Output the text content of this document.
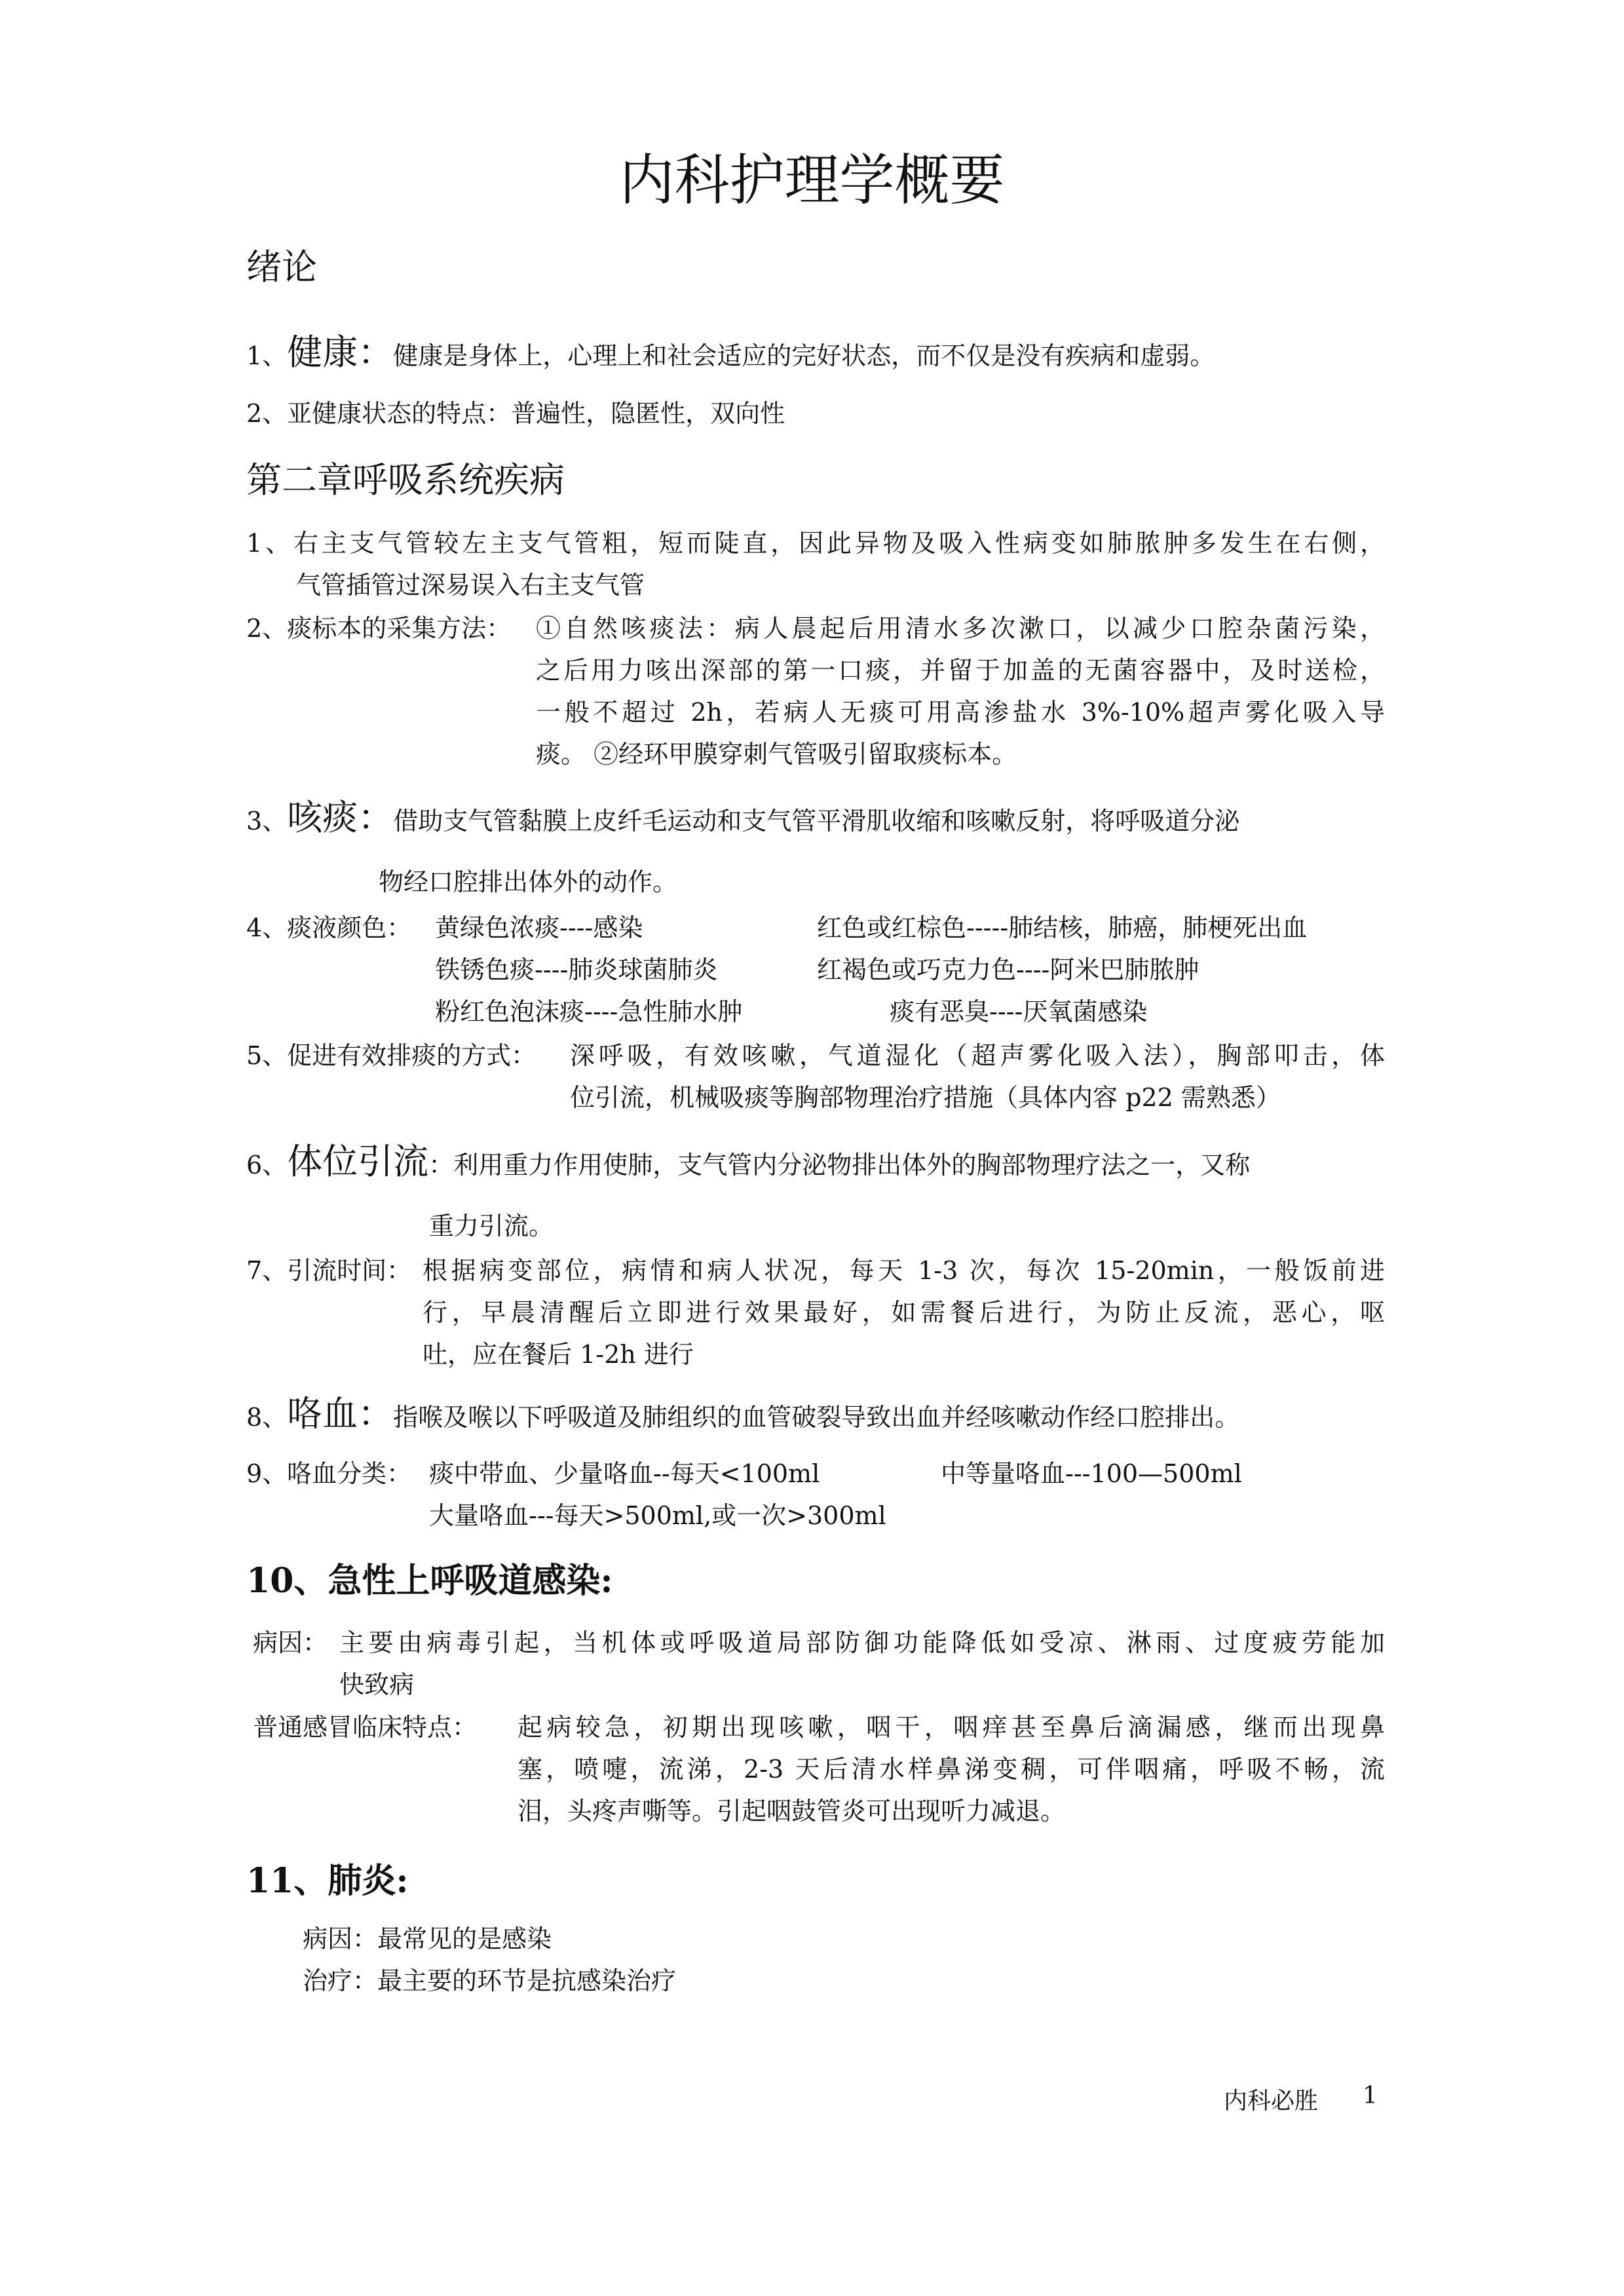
内科护理学概要
绪论
1、健康：健康是身体上，心理上和社会适应的完好状态，而不仅是没有疾病和虚弱。
2、亚健康状态的特点：普遍性，隐匿性，双向性
第二章呼吸系统疾病
1、右主支气管较左主支气管粗，短而陡直，因此异物及吸入性病变如肺脓肿多发生在右侧，
气管插管过深易误入右主支气管
2、痰标本的采集方法： ①自然咳痰法：病人晨起后用清水多次漱口，以减少口腔杂菌污染，
之后用力咳出深部的第一口痰，并留于加盖的无菌容器中，及时送检，
一般不超过 2h，若病人无痰可用高渗盐水 3%-10%超声雾化吸入导
痰。 ②经环甲膜穿刺气管吸引留取痰标本。
3、咳痰：借助支气管黏膜上皮纤毛运动和支气管平滑肌收缩和咳嗽反射，将呼吸道分泌
物经口腔排出体外的动作。
4、痰液颜色： 黄绿色浓痰----感染	红色或红棕色-----肺结核，肺癌，肺梗死出血
铁锈色痰----肺炎球菌肺炎	红褐色或巧克力色----阿米巴肺脓肿
粉红色泡沫痰----急性肺水肿	痰有恶臭----厌氧菌感染
5、促进有效排痰的方式： 深呼吸，有效咳嗽，气道湿化（超声雾化吸入法），胸部叩击，体
位引流，机械吸痰等胸部物理治疗措施（具体内容 p22 需熟悉）
6、体位引流：利用重力作用使肺，支气管内分泌物排出体外的胸部物理疗法之一，又称
重力引流。
7、引流时间： 根据病变部位，病情和病人状况，每天 1-3 次，每次 15-20min，一般饭前进
行，早晨清醒后立即进行效果最好，如需餐后进行，为防止反流，恶心，呕
吐，应在餐后 1-2h 进行
8、咯血：指喉及喉以下呼吸道及肺组织的血管破裂导致出血并经咳嗽动作经口腔排出。
9、咯血分类： 痰中带血、少量咯血--每天<100ml	中等量咯血---100—500ml
大量咯血---每天>500ml,或一次>300ml
10、急性上呼吸道感染:
病因： 主要由病毒引起，当机体或呼吸道局部防御功能降低如受凉、淋雨、过度疲劳能加
快致病
普通感冒临床特点： 起病较急，初期出现咳嗽，咽干，咽痒甚至鼻后滴漏感，继而出现鼻
塞，喷嚏，流涕，2-3 天后清水样鼻涕变稠，可伴咽痛，呼吸不畅，流
泪，头疼声嘶等。引起咽鼓管炎可出现听力减退。
11、肺炎:
病因：最常见的是感染
治疗：最主要的环节是抗感染治疗
内科必胜 1
